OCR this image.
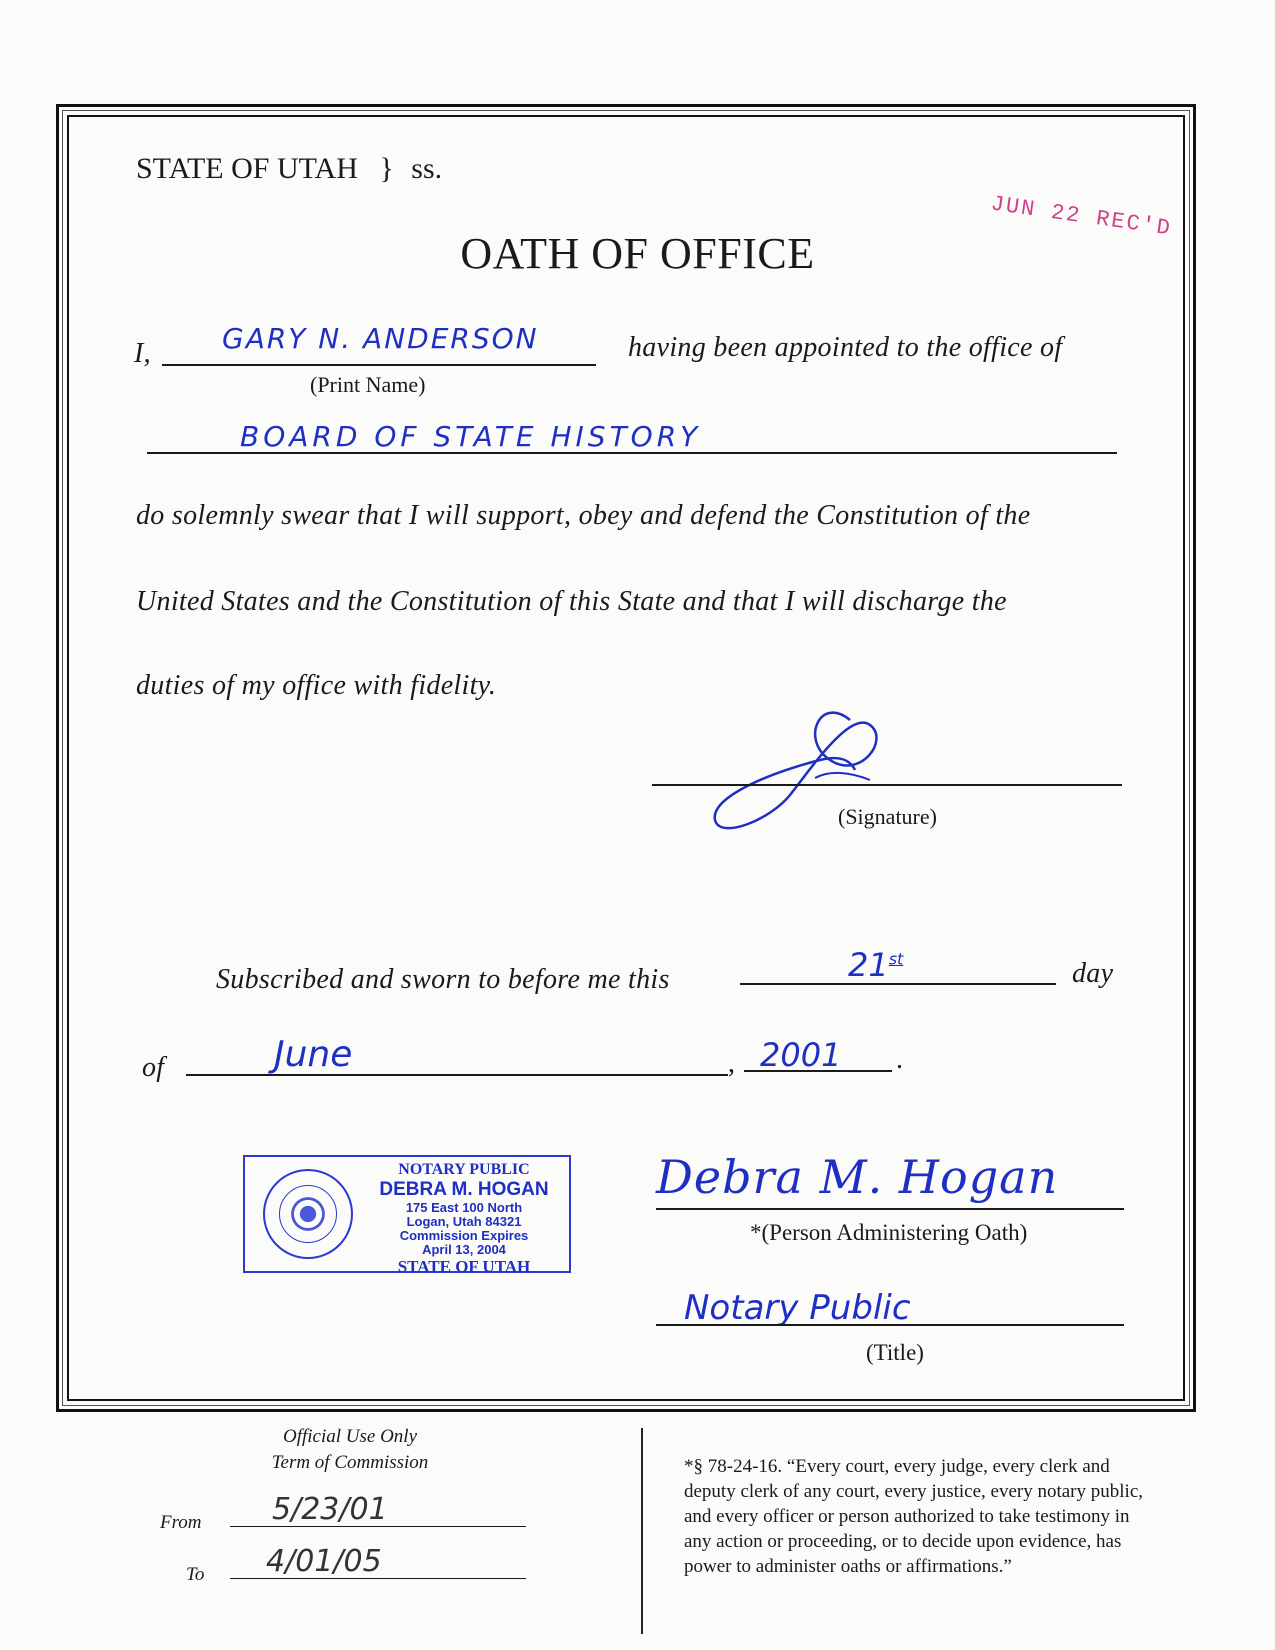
STATE OF UTAH } ss.
JUN 22 REC'D
OATH OF OFFICE
I,	GARY N. ANDERSON
(Print Name)
having been appointed to the office of
BOARD OF STATE HISTORY
do solemnly swear that I will support, obey and defend the Constitution of the
United States and the Constitution of this State and that I will discharge the
duties of my office with fidelity.
(Signature)
Subscribed and sworn to before me this	21st	day
of	June	, 2001 .
NOTARY PUBLIC
DEBRA M. HOGAN
175 East 100 North
Logan, Utah 84321
Commission Expires
April 13, 2004
STATE OF UTAH
Debra M. Hogan
*(Person Administering Oath)
Notary Public
(Title)
Official Use Only
Term of Commission
From 5/23/01
To 4/01/05
*§ 78-24-16. “Every court, every judge, every clerk and
deputy clerk of any court, every justice, every notary public,
and every officer or person authorized to take testimony in
any action or proceeding, or to decide upon evidence, has
power to administer oaths or affirmations.”
